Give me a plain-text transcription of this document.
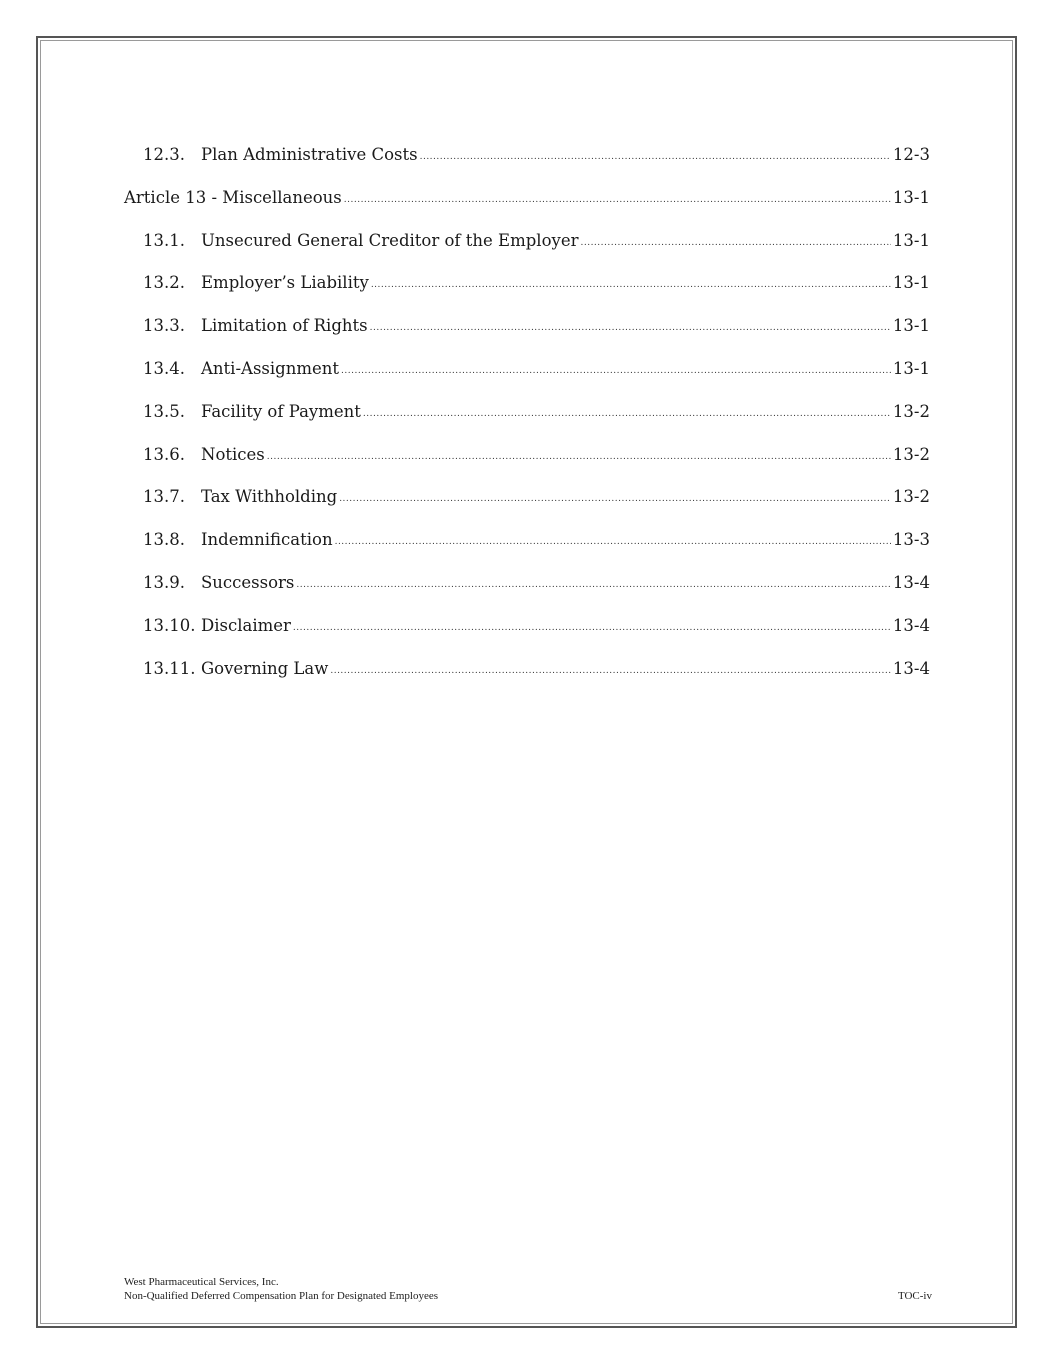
12.3. Plan Administrative Costs .....	12-3
Article 13 - Miscellaneous .....	13-1
13.1. Unsecured General Creditor of the Employer .....	13-1
13.2. Employer’s Liability .....	13-1
13.3. Limitation of Rights .....	13-1
13.4. Anti-Assignment .....	13-1
13.5. Facility of Payment .....	13-2
13.6. Notices .....	13-2
13.7. Tax Withholding .....	13-2
13.8. Indemnification .....	13-3
13.9. Successors .....	13-4
13.10. Disclaimer .....	13-4
13.11. Governing Law .....	13-4
West Pharmaceutical Services, Inc.
Non-Qualified Deferred Compensation Plan for Designated Employees	TOC-iv
